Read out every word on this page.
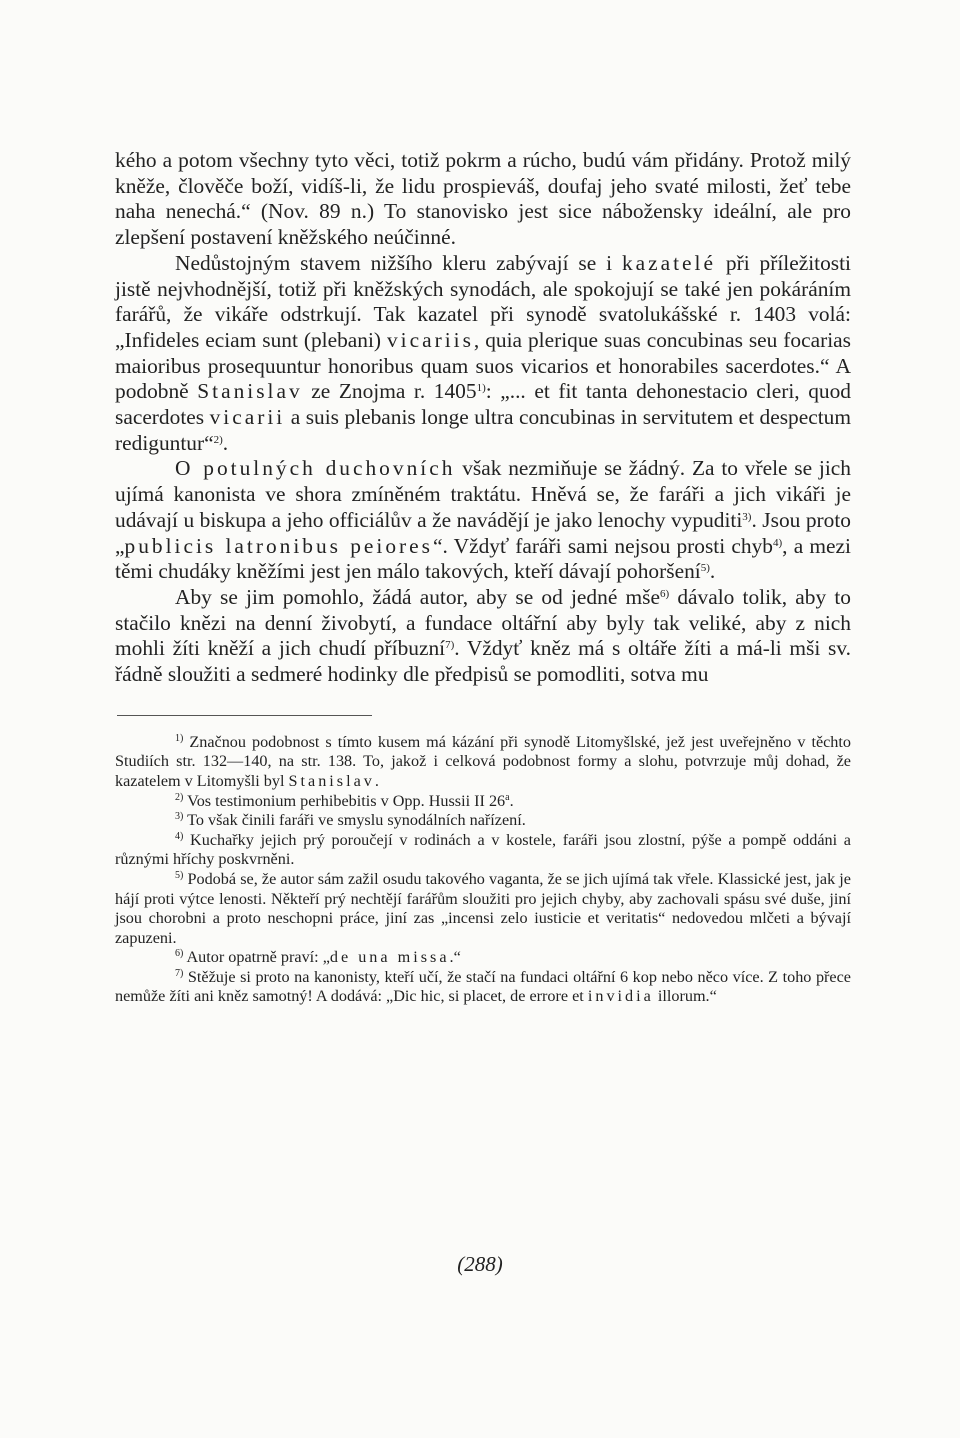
kého a potom všechny tyto věci, totiž pokrm a rúcho, budú vám přidány. Protož milý kněže, člověče boží, vidíš-li, že lidu prospieváš, doufaj jeho svaté milosti, žeť tebe naha nenechá.“ (Nov. 89 n.) To stanovisko jest sice nábožensky ideální, ale pro zlepšení postavení kněžského neúčinné.

Nedůstojným stavem nižšího kleru zabývají se i kazatelé při příležitosti jistě nejvhodnější, totiž při kněžských synodách, ale spokojují se také jen pokáráním farářů, že vikáře odstrkují. Tak kazatel při synodě svatolukášské r. 1403 volá: „Infideles eciam sunt (plebani) vicariis, quia plerique suas concubinas seu focarias maioribus prosequuntur honoribus quam suos vicarios et honorabiles sacerdotes.“ A podobně Stanislav ze Znojma r. 1405$^{1)}$: „... et fit tanta dehonestacio cleri, quod sacerdotes vicarii a suis plebanis longe ultra concubinas in servitutem et despectum rediguntur“$^{2)}$.

O potulných duchovních však nezmiňuje se žádný. Za to vřele se jich ujímá kanonista ve shora zmíněném traktátu. Hněvá se, že faráři a jich vikáři je udávají u biskupa a jeho officiálův a že navádějí je jako lenochy vypuditi$^{3)}$. Jsou proto „publicis latronibus peiores“. Vždyť faráři sami nejsou prosti chyb$^{4)}$, a mezi těmi chudáky kněžími jest jen málo takových, kteří dávají pohoršení$^{5)}$.

Aby se jim pomohlo, žádá autor, aby se od jedné mše$^{6)}$ dávalo tolik, aby to stačilo knězi na denní živobytí, a fundace oltářní aby byly tak veliké, aby z nich mohli žíti kněží a jich chudí příbuzní$^{7)}$. Vždyť kněz má s oltáře žíti a má-li mši sv. řádně sloužiti a sedmeré hodinky dle předpisů se pomodliti, sotva mu

$^{1)}$ Značnou podobnost s tímto kusem má kázání při synodě Litomyšlské, jež jest uveřejněno v těchto Studiích str. 132—140, na str. 138. To, jakož i celková podobnost formy a slohu, potvrzuje můj dohad, že kazatelem v Litomyšli byl Stanislav.

$^{2)}$ Vos testimonium perhibebitis v Opp. Hussii II 26$^a$.

$^{3)}$ To však činili faráři ve smyslu synodálních nařízení.

$^{4)}$ Kuchařky jejich prý poroučejí v rodinách a v kostele, faráři jsou zlostní, pýše a pompě oddáni a různými hříchy poskvrněni.

$^{5)}$ Podobá se, že autor sám zažil osudu takového vaganta, že se jich ujímá tak vřele. Klassické jest, jak je hájí proti výtce lenosti. Někteří prý nechtějí farářům sloužiti pro jejich chyby, aby zachovali spásu své duše, jiní jsou chorobni a proto neschopni práce, jiní zas „incensi zelo iusticie et veritatis“ nedovedou mlčeti a bývají zapuzeni.

$^{6)}$ Autor opatrně praví: „de una missa.“

$^{7)}$ Stěžuje si proto na kanonisty, kteří učí, že stačí na fundaci oltářní 6 kop nebo něco více. Z toho přece nemůže žíti ani kněz samotný! A dodává: „Dic hic, si placet, de errore et invidia illorum.“

(288)
